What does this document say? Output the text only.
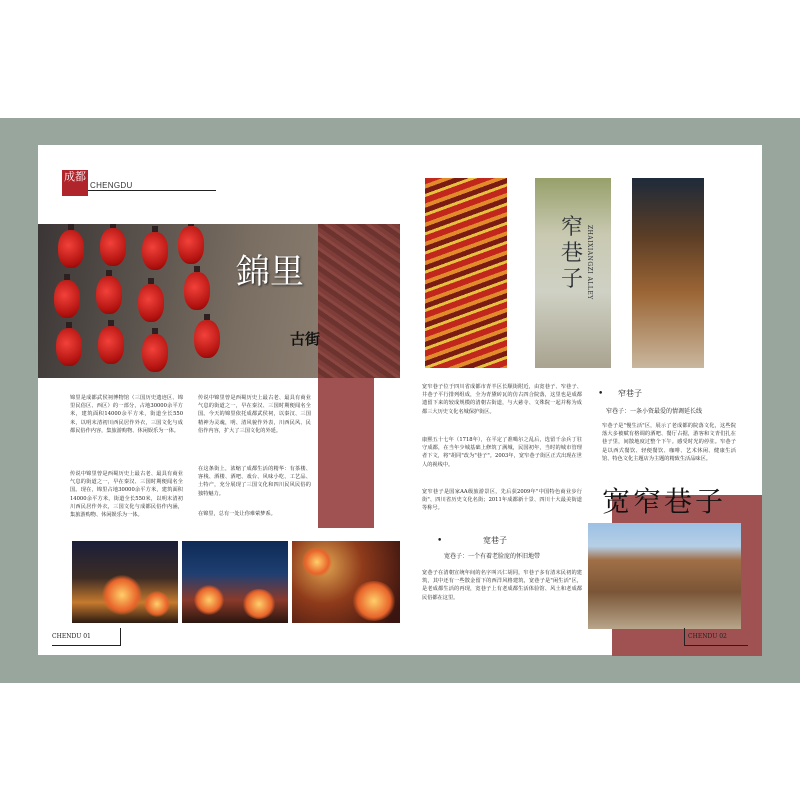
成都
CHENGDU
錦里
古街
锦里是成都武侯祠博物馆（三国历史遗迹区、锦里民俗区、西区）的一部分，占地30000余平方米，建筑面积14000余平方米，街道全长550米，以明末清初川西民居作外衣，三国文化与成都民俗作内容，集旅游购物、休闲娱乐为一体。
传说中锦里曾是西蜀历史上最古老、最具有商业气息的街道之一，早在秦汉、三国时期便闻名全国。现在，锦里占地30000余平方米，建筑面积14000余平方米，街道全长550米，以明末清初川西民居作外衣，三国文化与成都民俗作内涵，集旅游购物、休闲娱乐为一体。
传说中锦里曾是西蜀历史上最古老、最具有商业气息的街道之一，早在秦汉、三国时期便闻名全国。今天的锦里依托成都武侯祠，以秦汉、三国精神为灵魂，明、清风貌作外表，川西民风、民俗作内容，扩大了三国文化的外延。
在这条街上，浓缩了成都生活的精华：有茶楼、客栈、酒楼、酒吧、戏台、风味小吃、工艺品、土特产，充分展现了三国文化和四川民风民俗的独特魅力。
在锦里，总有一处让你难萦梦系。
CHENDU 01
窄巷子 ZHAIXIANGZI ALLEY
宽窄巷子位于四川省成都市青羊区长顺街附近，由宽巷子、窄巷子、井巷子平行排列组成，全为青黛砖瓦的仿古四合院落，这里也是成都遗留下来的较成规模的清朝古街道，与大慈寺、文殊院一起并称为成都三大历史文化名城保护街区。
康熙五十七年（1718年），在平定了准噶尔之乱后，选留千余兵丁驻守成都，在当年少城基础上修筑了满城，民国初年，当时的城市管理者下文，将"胡同"改为"巷子"。2003年，宽窄巷子街区正式出现在世人的视线中。
宽窄巷子是国家AA级旅游景区，先后获2009年"中国特色商业步行街"、四川省历史文化名街；2011年成都新十景、四川十大最美街道等称号。
• 窄巷子
窄巷子：一条小资最爱的情调延长线
窄巷子是"慢生活"区，展示了老成都的院落文化，这些院落大多被赋有格调的酒吧、餐厅占据，游客和文青们扎在巷子里，间散地度过整个下午。感受时光的停驻。窄巷子是以西式餐饮、轻便餐饮、咖啡、艺术休闲、健康生活馆、特色文化主题店为主题的精致生活品味区。
•	宽巷子
宽巷子：一个有着老脸庞的怀旧地带
宽巷子在清朝宣统年间的名字叫兴仁胡同，窄巷子多有清末民初的建筑，其中还有一些散金留下的西洋风格建筑，宽巷子是"闲生活"区，是老成都生活的再现，宽巷子上有老成都生活体验馆、风土和老成都民俗都在这里。
宽窄巷子
CHENDU 02
